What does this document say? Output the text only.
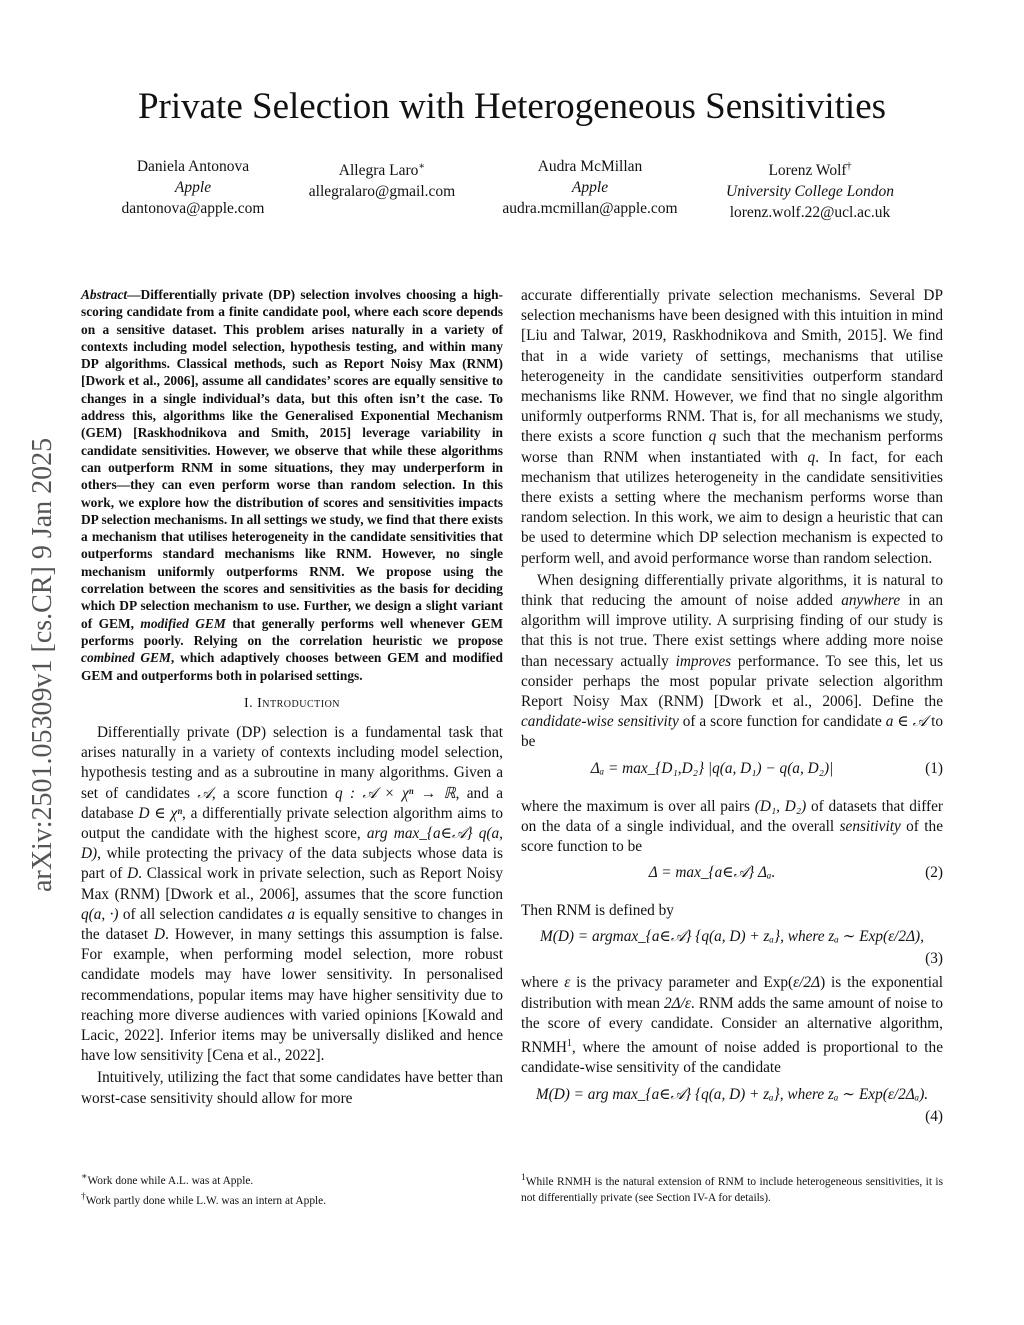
Private Selection with Heterogeneous Sensitivities
Daniela Antonova
Apple
dantonova@apple.com
Allegra Laro∗
allegralaro@gmail.com
Audra McMillan
Apple
audra.mcmillan@apple.com
Lorenz Wolf†
University College London
lorenz.wolf.22@ucl.ac.uk
arXiv:2501.05309v1 [cs.CR] 9 Jan 2025

Abstract—Differentially private (DP) selection involves choosing a high-scoring candidate from a finite candidate pool, where each score depends on a sensitive dataset. This problem arises naturally in a variety of contexts including model selection, hypothesis testing, and within many DP algorithms. Classical methods, such as Report Noisy Max (RNM) [Dwork et al., 2006], assume all candidates’ scores are equally sensitive to changes in a single individual’s data, but this often isn’t the case. To address this, algorithms like the Generalised Exponential Mechanism (GEM) [Raskhodnikova and Smith, 2015] leverage variability in candidate sensitivities. However, we observe that while these algorithms can outperform RNM in some situations, they may underperform in others—they can even perform worse than random selection. In this work, we explore how the distribution of scores and sensitivities impacts DP selection mechanisms. In all settings we study, we find that there exists a mechanism that utilises heterogeneity in the candidate sensitivities that outperforms standard mechanisms like RNM. However, no single mechanism uniformly outperforms RNM. We propose using the correlation between the scores and sensitivities as the basis for deciding which DP selection mechanism to use. Further, we design a slight variant of GEM, modified GEM that generally performs well whenever GEM performs poorly. Relying on the correlation heuristic we propose combined GEM, which adaptively chooses between GEM and modified GEM and outperforms both in polarised settings.

I. Introduction

Differentially private (DP) selection is a fundamental task that arises naturally in a variety of contexts including model selection, hypothesis testing and as a subroutine in many algorithms. Given a set of candidates 𝒜, a score function q : 𝒜 × χⁿ → ℝ, and a database D ∈ χⁿ, a differentially private selection algorithm aims to output the candidate with the highest score, arg max_{a∈𝒜} q(a, D), while protecting the privacy of the data subjects whose data is part of D. Classical work in private selection, such as Report Noisy Max (RNM) [Dwork et al., 2006], assumes that the score function q(a, ·) of all selection candidates a is equally sensitive to changes in the dataset D. However, in many settings this assumption is false. For example, when performing model selection, more robust candidate models may have lower sensitivity. In personalised recommendations, popular items may have higher sensitivity due to reaching more diverse audiences with varied opinions [Kowald and Lacic, 2022]. Inferior items may be universally disliked and hence have low sensitivity [Cena et al., 2022].

Intuitively, utilizing the fact that some candidates have better than worst-case sensitivity should allow for more

accurate differentially private selection mechanisms. Several DP selection mechanisms have been designed with this intuition in mind [Liu and Talwar, 2019, Raskhodnikova and Smith, 2015]. We find that in a wide variety of settings, mechanisms that utilise heterogeneity in the candidate sensitivities outperform standard mechanisms like RNM. However, we find that no single algorithm uniformly outperforms RNM. That is, for all mechanisms we study, there exists a score function q such that the mechanism performs worse than RNM when instantiated with q. In fact, for each mechanism that utilizes heterogeneity in the candidate sensitivities there exists a setting where the mechanism performs worse than random selection. In this work, we aim to design a heuristic that can be used to determine which DP selection mechanism is expected to perform well, and avoid performance worse than random selection.

When designing differentially private algorithms, it is natural to think that reducing the amount of noise added anywhere in an algorithm will improve utility. A surprising finding of our study is that this is not true. There exist settings where adding more noise than necessary actually improves performance. To see this, let us consider perhaps the most popular private selection algorithm Report Noisy Max (RNM) [Dwork et al., 2006]. Define the candidate-wise sensitivity of a score function for candidate a ∈ 𝒜 to be

Δₐ = max_{D₁,D₂} |q(a, D₁) − q(a, D₂)|	(1)

where the maximum is over all pairs (D₁, D₂) of datasets that differ on the data of a single individual, and the overall sensitivity of the score function to be

Δ = max_{a∈𝒜} Δₐ.	(2)

Then RNM is defined by

M(D) = argmax_{a∈𝒜} {q(a, D) + zₐ}, where zₐ ∼ Exp(ε/2Δ),
(3)

where ε is the privacy parameter and Exp(ε/2Δ) is the exponential distribution with mean 2Δ/ε. RNM adds the same amount of noise to the score of every candidate. Consider an alternative algorithm, RNMH$^1$, where the amount of noise added is proportional to the candidate-wise sensitivity of the candidate

M(D) = arg max_{a∈𝒜} {q(a, D) + zₐ}, where zₐ ∼ Exp(ε/2Δₐ).
(4)
∗Work done while A.L. was at Apple.
†Work partly done while L.W. was an intern at Apple.
$^1$While RNMH is the natural extension of RNM to include heterogeneous sensitivities, it is not differentially private (see Section IV-A for details).
